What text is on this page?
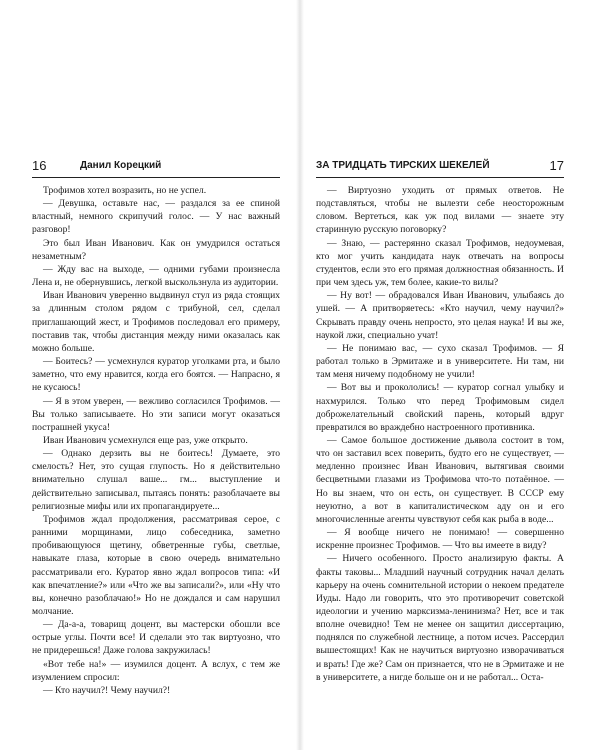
16	Данил Корецкий

Трофимов хотел возразить, но не успел.

— Девушка, оставьте нас, — раздался за ее спиной властный, немного скрипучий голос. — У нас важный разговор!

Это был Иван Иванович. Как он умудрился остаться незаметным?

— Жду вас на выходе, — одними губами произнесла Лена и, не обернувшись, легкой выскользнула из аудитории.

Иван Иванович уверенно выдвинул стул из ряда стоящих за длинным столом рядом с трибуной, сел, сделал приглашающий жест, и Трофимов последовал его примеру, поставив так, чтобы дистанция между ними оказалась как можно больше.

— Боитесь? — усмехнулся куратор уголками рта, и было заметно, что ему нравится, когда его боятся. — Напрасно, я не кусаюсь!

— Я в этом уверен, — вежливо согласился Трофимов. — Вы только записываете. Но эти записи могут оказаться пострашней укуса!

Иван Иванович усмехнулся еще раз, уже открыто.

— Однако дерзить вы не боитесь! Думаете, это смелость? Нет, это сущая глупость. Но я действительно внимательно слушал ваше... гм... выступление и действительно записывал, пытаясь понять: разоблачаете вы религиозные мифы или их пропагандируете...

Трофимов ждал продолжения, рассматривая серое, с ранними морщинами, лицо собеседника, заметно пробивающуюся щетину, обветренные губы, светлые, навыкате глаза, которые в свою очередь внимательно рассматривали его. Куратор явно ждал вопросов типа: «И как впечатление?» или «Что же вы записали?», или «Ну что вы, конечно разоблачаю!» Но не дождался и сам нарушил молчание.

— Да-а-а, товарищ доцент, вы мастерски обошли все острые углы. Почти все! И сделали это так виртуозно, что не придерешься! Даже голова закружилась!

«Вот тебе на!» — изумился доцент. А вслух, с тем же изумлением спросил:

— Кто научил?! Чему научил?!

ЗА ТРИДЦАТЬ ТИРСКИХ ШЕКЕЛЕЙ	17

— Виртуозно уходить от прямых ответов. Не подставляться, чтобы не вылезти себе неосторожным словом. Вертеться, как уж под вилами — знаете эту старинную русскую поговорку?

— Знаю, — растерянно сказал Трофимов, недоумевая, кто мог учить кандидата наук отвечать на вопросы студентов, если это его прямая должностная обязанность. И при чем здесь уж, тем более, какие-то вилы?

— Ну вот! — обрадовался Иван Иванович, улыбаясь до ушей. — А притворяетесь: «Кто научил, чему научил?» Скрывать правду очень непросто, это целая наука! И вы же, наукой лжи, специально учат!

— Не понимаю вас, — сухо сказал Трофимов. — Я работал только в Эрмитаже и в университете. Ни там, ни там меня ничему подобному не учили!

— Вот вы и прокололись! — куратор согнал улыбку и нахмурился. Только что перед Трофимовым сидел доброжелательный свойский парень, который вдруг превратился во враждебно настроенного противника.

— Самое большое достижение дьявола состоит в том, что он заставил всех поверить, будто его не существует, — медленно произнес Иван Иванович, вытягивая своими бесцветными глазами из Трофимова что-то потаённое. — Но вы знаем, что он есть, он существует. В СССР ему неуютно, а вот в капиталистическом аду он и его многочисленные агенты чувствуют себя как рыба в воде...

— Я вообще ничего не понимаю! — совершенно искренне произнес Трофимов. — Что вы имеете в виду?

— Ничего особенного. Просто анализирую факты. А факты таковы... Младший научный сотрудник начал делать карьеру на очень сомнительной истории о некоем предателе Иуды. Надо ли говорить, что это противоречит советской идеологии и учению марксизма-ленинизма? Нет, все и так вполне очевидно! Тем не менее он защитил диссертацию, поднялся по служебной лестнице, а потом исчез. Рассердил вышестоящих! Как не научиться виртуозно изворачиваться и врать! Где же? Сам он признается, что не в Эрмитаже и не в университете, а нигде больше он и не работал... Оста-
